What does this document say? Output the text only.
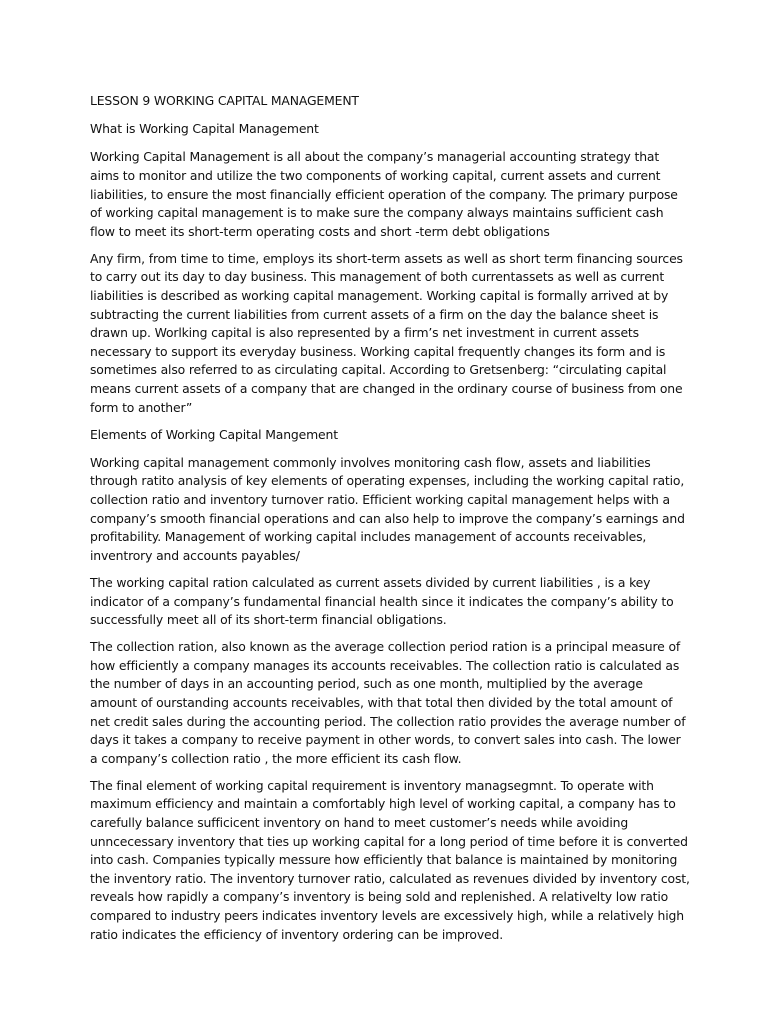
LESSON 9 WORKING CAPITAL MANAGEMENT

What is Working Capital Management

Working Capital Management is all about the company’s managerial accounting strategy that aims to monitor and utilize the two components of working capital, current assets and current liabilities, to ensure the most financially efficient operation of the company. The primary purpose of working capital management is to make sure the company always maintains sufficient cash flow to meet its short-term operating costs and short -term debt obligations

Any firm, from time to time, employs its short-term assets as well as short term financing sources to carry out its day to day business. This management of both currentassets as well as current liabilities is described as working capital management. Working capital is formally arrived at by subtracting the current liabilities from current assets of a firm on the day the balance sheet is drawn up. Worlking capital is also represented by a firm’s net investment in current assets necessary to support its everyday business. Working capital frequently changes its form and is sometimes also referred to as circulating capital. According to Gretsenberg: “circulating capital means current assets of a company that are changed in the ordinary course of business from one form to another”

Elements of Working Capital Mangement

Working capital management commonly involves monitoring cash flow, assets and liabilities through ratito analysis of key elements of operating expenses, including the working capital ratio, collection ratio and inventory turnover ratio. Efficient working capital management helps with a company’s smooth financial operations and can also help to improve the company’s earnings and profitability. Management of working capital includes management of accounts receivables, inventrory and accounts payables/

The working capital ration calculated as current assets divided by current liabilities , is a key indicator of a company’s fundamental financial health since it indicates the company’s ability to successfully meet all of its short-term financial obligations.

The collection ration, also known as the average collection period ration is a principal measure of how efficiently a company manages its accounts receivables. The collection ratio is calculated as the number of days in an accounting period, such as one month, multiplied by the average amount of ourstanding accounts receivables, with that total then divided by the total amount of net credit sales during the accounting period. The collection ratio provides the average number of days it takes a company to receive payment in other words, to convert sales into cash. The lower a company’s collection ratio , the more efficient its cash flow.

The final element of working capital requirement is inventory managsegmnt. To operate with maximum efficiency and maintain a comfortably high level of working capital, a company has to carefully balance sufficicent inventory on hand to meet customer’s needs while avoiding unncecessary inventory that ties up working capital for a long period of time before it is converted into cash. Companies typically messure how efficiently that balance is maintained by monitoring the inventory ratio. The inventory turnover ratio, calculated as revenues divided by inventory cost, reveals how rapidly a company’s inventory is being sold and replenished. A relativelty low ratio compared to industry peers indicates inventory levels are excessively high, while a relatively high ratio indicates the efficiency of inventory ordering can be improved.
